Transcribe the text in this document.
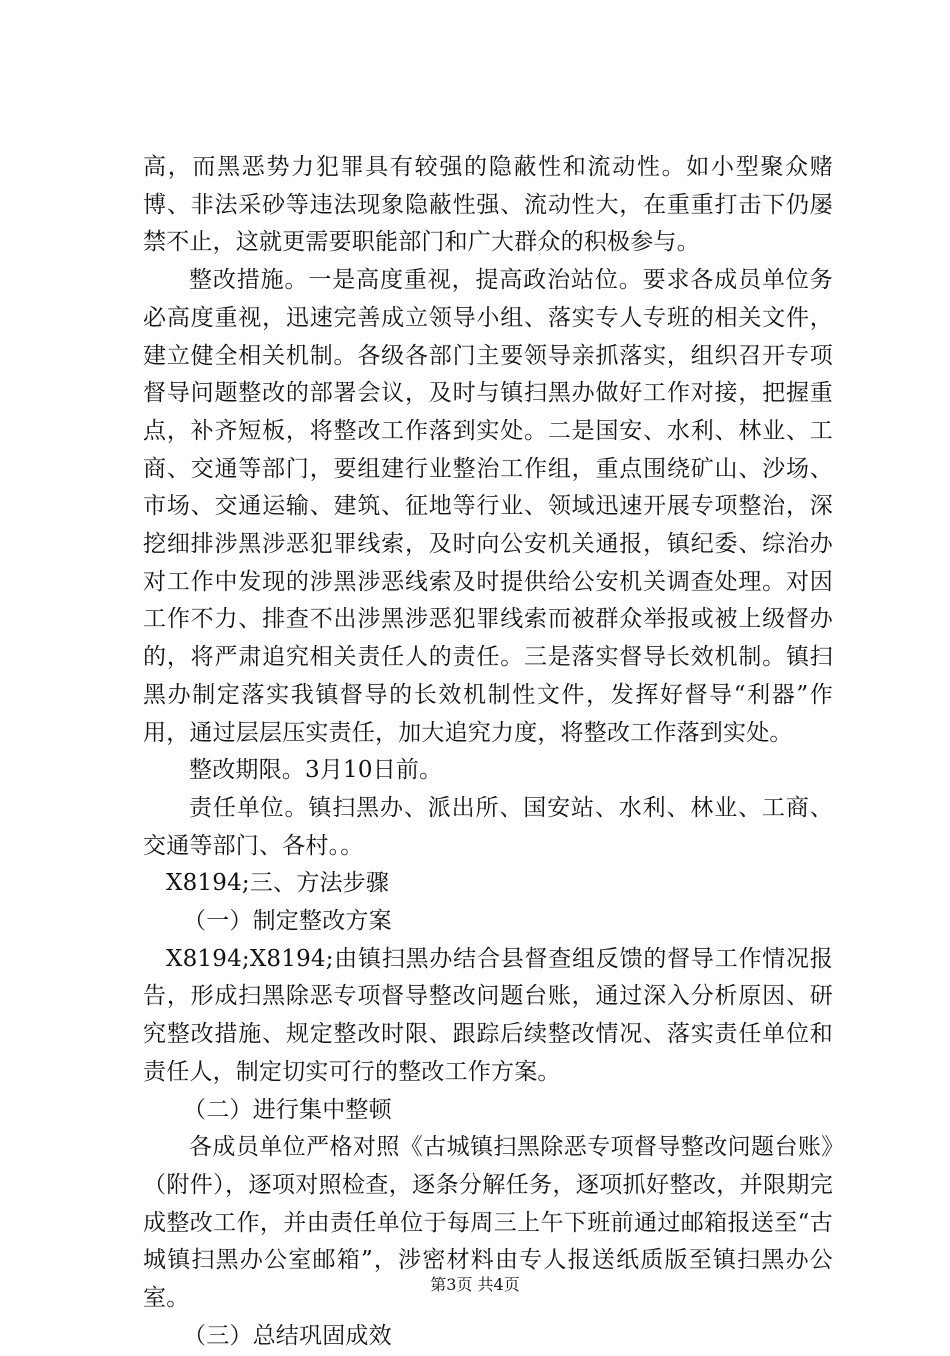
高，而黑恶势力犯罪具有较强的隐蔽性和流动性。如小型聚众赌博、非法采砂等违法现象隐蔽性强、流动性大，在重重打击下仍屡禁不止，这就更需要职能部门和广大群众的积极参与。

整改措施。一是高度重视，提高政治站位。要求各成员单位务必高度重视，迅速完善成立领导小组、落实专人专班的相关文件，建立健全相关机制。各级各部门主要领导亲抓落实，组织召开专项督导问题整改的部署会议，及时与镇扫黑办做好工作对接，把握重点，补齐短板，将整改工作落到实处。二是国安、水利、林业、工商、交通等部门，要组建行业整治工作组，重点围绕矿山、沙场、市场、交通运输、建筑、征地等行业、领域迅速开展专项整治，深挖细排涉黑涉恶犯罪线索，及时向公安机关通报，镇纪委、综治办对工作中发现的涉黑涉恶线索及时提供给公安机关调查处理。对因工作不力、排查不出涉黑涉恶犯罪线索而被群众举报或被上级督办的，将严肃追究相关责任人的责任。三是落实督导长效机制。镇扫黑办制定落实我镇督导的长效机制性文件，发挥好督导“利器”作用，通过层层压实责任，加大追究力度，将整改工作落到实处。

整改期限。3月10日前。

责任单位。镇扫黑办、派出所、国安站、水利、林业、工商、交通等部门、各村。。

X8194;三、方法步骤

（一）制定整改方案

X8194;X8194;由镇扫黑办结合县督查组反馈的督导工作情况报告，形成扫黑除恶专项督导整改问题台账，通过深入分析原因、研究整改措施、规定整改时限、跟踪后续整改情况、落实责任单位和责任人，制定切实可行的整改工作方案。

（二）进行集中整顿

各成员单位严格对照《古城镇扫黑除恶专项督导整改问题台账》（附件），逐项对照检查，逐条分解任务，逐项抓好整改，并限期完成整改工作，并由责任单位于每周三上午下班前通过邮箱报送至“古城镇扫黑办公室邮箱”，涉密材料由专人报送纸质版至镇扫黑办公室。

（三）总结巩固成效

第3页 共4页
